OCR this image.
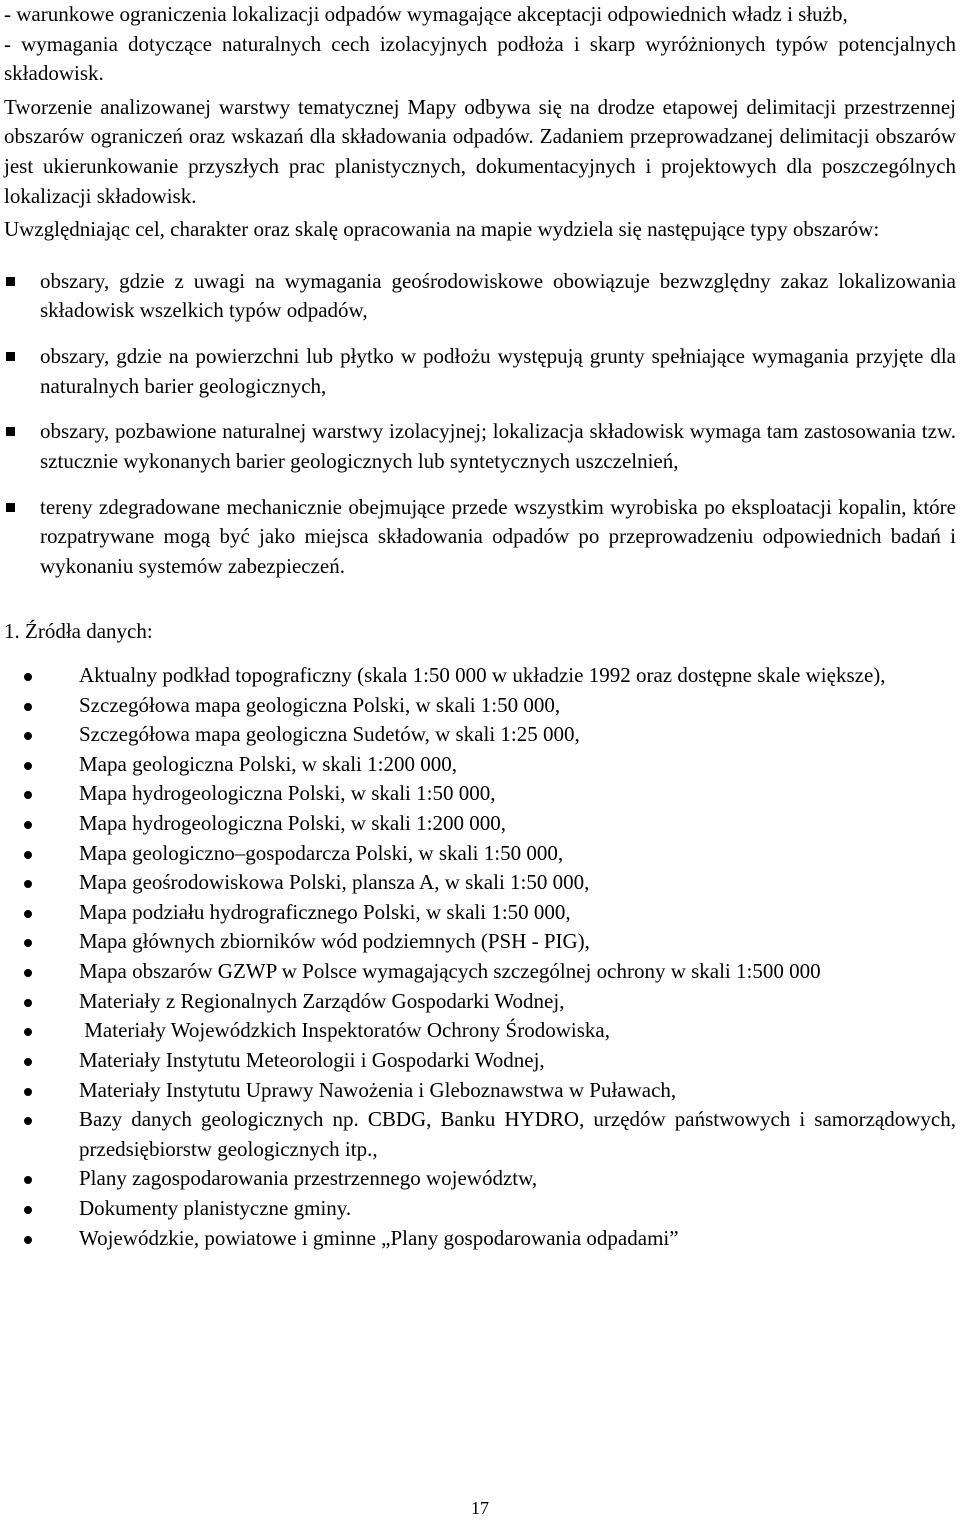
- warunkowe ograniczenia lokalizacji odpadów wymagające akceptacji odpowiednich władz i służb,

- wymagania dotyczące naturalnych cech izolacyjnych podłoża i skarp wyróżnionych typów potencjalnych składowisk.

Tworzenie analizowanej warstwy tematycznej Mapy odbywa się na drodze etapowej delimitacji przestrzennej obszarów ograniczeń oraz wskazań dla składowania odpadów. Zadaniem przeprowadzanej delimitacji obszarów jest ukierunkowanie przyszłych prac planistycznych, dokumentacyjnych i projektowych dla poszczególnych lokalizacji składowisk.

Uwzględniając cel, charakter oraz skalę opracowania na mapie wydziela się następujące typy obszarów:

obszary, gdzie z uwagi na wymagania geośrodowiskowe obowiązuje bezwzględny zakaz lokalizowania składowisk wszelkich typów odpadów,
obszary, gdzie na powierzchni lub płytko w podłożu występują grunty spełniające wymagania przyjęte dla naturalnych barier geologicznych,
obszary, pozbawione naturalnej warstwy izolacyjnej; lokalizacja składowisk wymaga tam zastosowania tzw. sztucznie wykonanych barier geologicznych lub syntetycznych uszczelnień,
tereny zdegradowane mechanicznie obejmujące przede wszystkim wyrobiska po eksploatacji kopalin, które rozpatrywane mogą być jako miejsca składowania odpadów po przeprowadzeniu odpowiednich badań i wykonaniu systemów zabezpieczeń.

1. Źródła danych:

Aktualny podkład topograficzny (skala 1:50 000 w układzie 1992 oraz dostępne skale większe),
Szczegółowa mapa geologiczna Polski, w skali 1:50 000,
Szczegółowa mapa geologiczna Sudetów, w skali 1:25 000,
Mapa geologiczna Polski, w skali 1:200 000,
Mapa hydrogeologiczna Polski, w skali 1:50 000,
Mapa hydrogeologiczna Polski, w skali 1:200 000,
Mapa geologiczno–gospodarcza Polski, w skali 1:50 000,
Mapa geośrodowiskowa Polski, plansza A, w skali 1:50 000,
Mapa podziału hydrograficznego Polski, w skali 1:50 000,
Mapa głównych zbiorników wód podziemnych (PSH - PIG),
Mapa obszarów GZWP w Polsce wymagających szczególnej ochrony w skali 1:500 000
Materiały z Regionalnych Zarządów Gospodarki Wodnej,
Materiały Wojewódzkich Inspektoratów Ochrony Środowiska,
Materiały Instytutu Meteorologii i Gospodarki Wodnej,
Materiały Instytutu Uprawy Nawożenia i Gleboznawstwa w Puławach,
Bazy danych geologicznych np. CBDG, Banku HYDRO, urzędów państwowych i samorządowych, przedsiębiorstw geologicznych itp.,
Plany zagospodarowania przestrzennego województw,
Dokumenty planistyczne gminy.
Wojewódzkie, powiatowe i gminne „Plany gospodarowania odpadami”
17
